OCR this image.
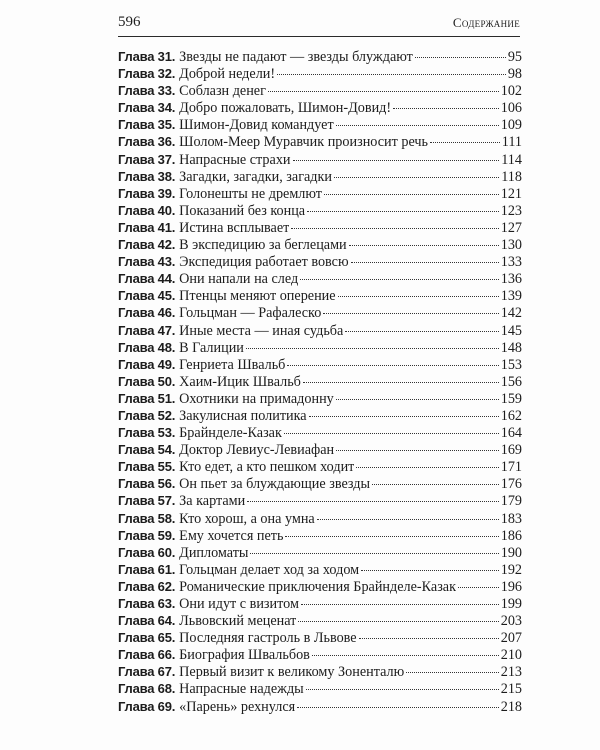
596	Содержание
Глава 31. Звезды не падают — звезды блуждают	95
Глава 32. Доброй недели!	98
Глава 33. Соблазн денег	102
Глава 34. Добро пожаловать, Шимон-Довид!	106
Глава 35. Шимон-Довид командует	109
Глава 36. Шолом-Меер Муравчик произносит речь	111
Глава 37. Напрасные страхи	114
Глава 38. Загадки, загадки, загадки	118
Глава 39. Голонешты не дремлют	121
Глава 40. Показаний без конца	123
Глава 41. Истина всплывает	127
Глава 42. В экспедицию за беглецами	130
Глава 43. Экспедиция работает вовсю	133
Глава 44. Они напали на след	136
Глава 45. Птенцы меняют оперение	139
Глава 46. Гольцман — Рафалеско	142
Глава 47. Иные места — иная судьба	145
Глава 48. В Галиции	148
Глава 49. Генриета Швальб	153
Глава 50. Хаим-Ицик Швальб	156
Глава 51. Охотники на примадонну	159
Глава 52. Закулисная политика	162
Глава 53. Брайнделе-Казак	164
Глава 54. Доктор Левиус-Левиафан	169
Глава 55. Кто едет, а кто пешком ходит	171
Глава 56. Он пьет за блуждающие звезды	176
Глава 57. За картами	179
Глава 58. Кто хорош, а она умна	183
Глава 59. Ему хочется петь	186
Глава 60. Дипломаты	190
Глава 61. Гольцман делает ход за ходом	192
Глава 62. Романические приключения Брайнделе-Казак	196
Глава 63. Они идут с визитом	199
Глава 64. Львовский меценат	203
Глава 65. Последняя гастроль в Львове	207
Глава 66. Биография Швальбов	210
Глава 67. Первый визит к великому Зоненталю	213
Глава 68. Напрасные надежды	215
Глава 69. «Парень» рехнулся	218
